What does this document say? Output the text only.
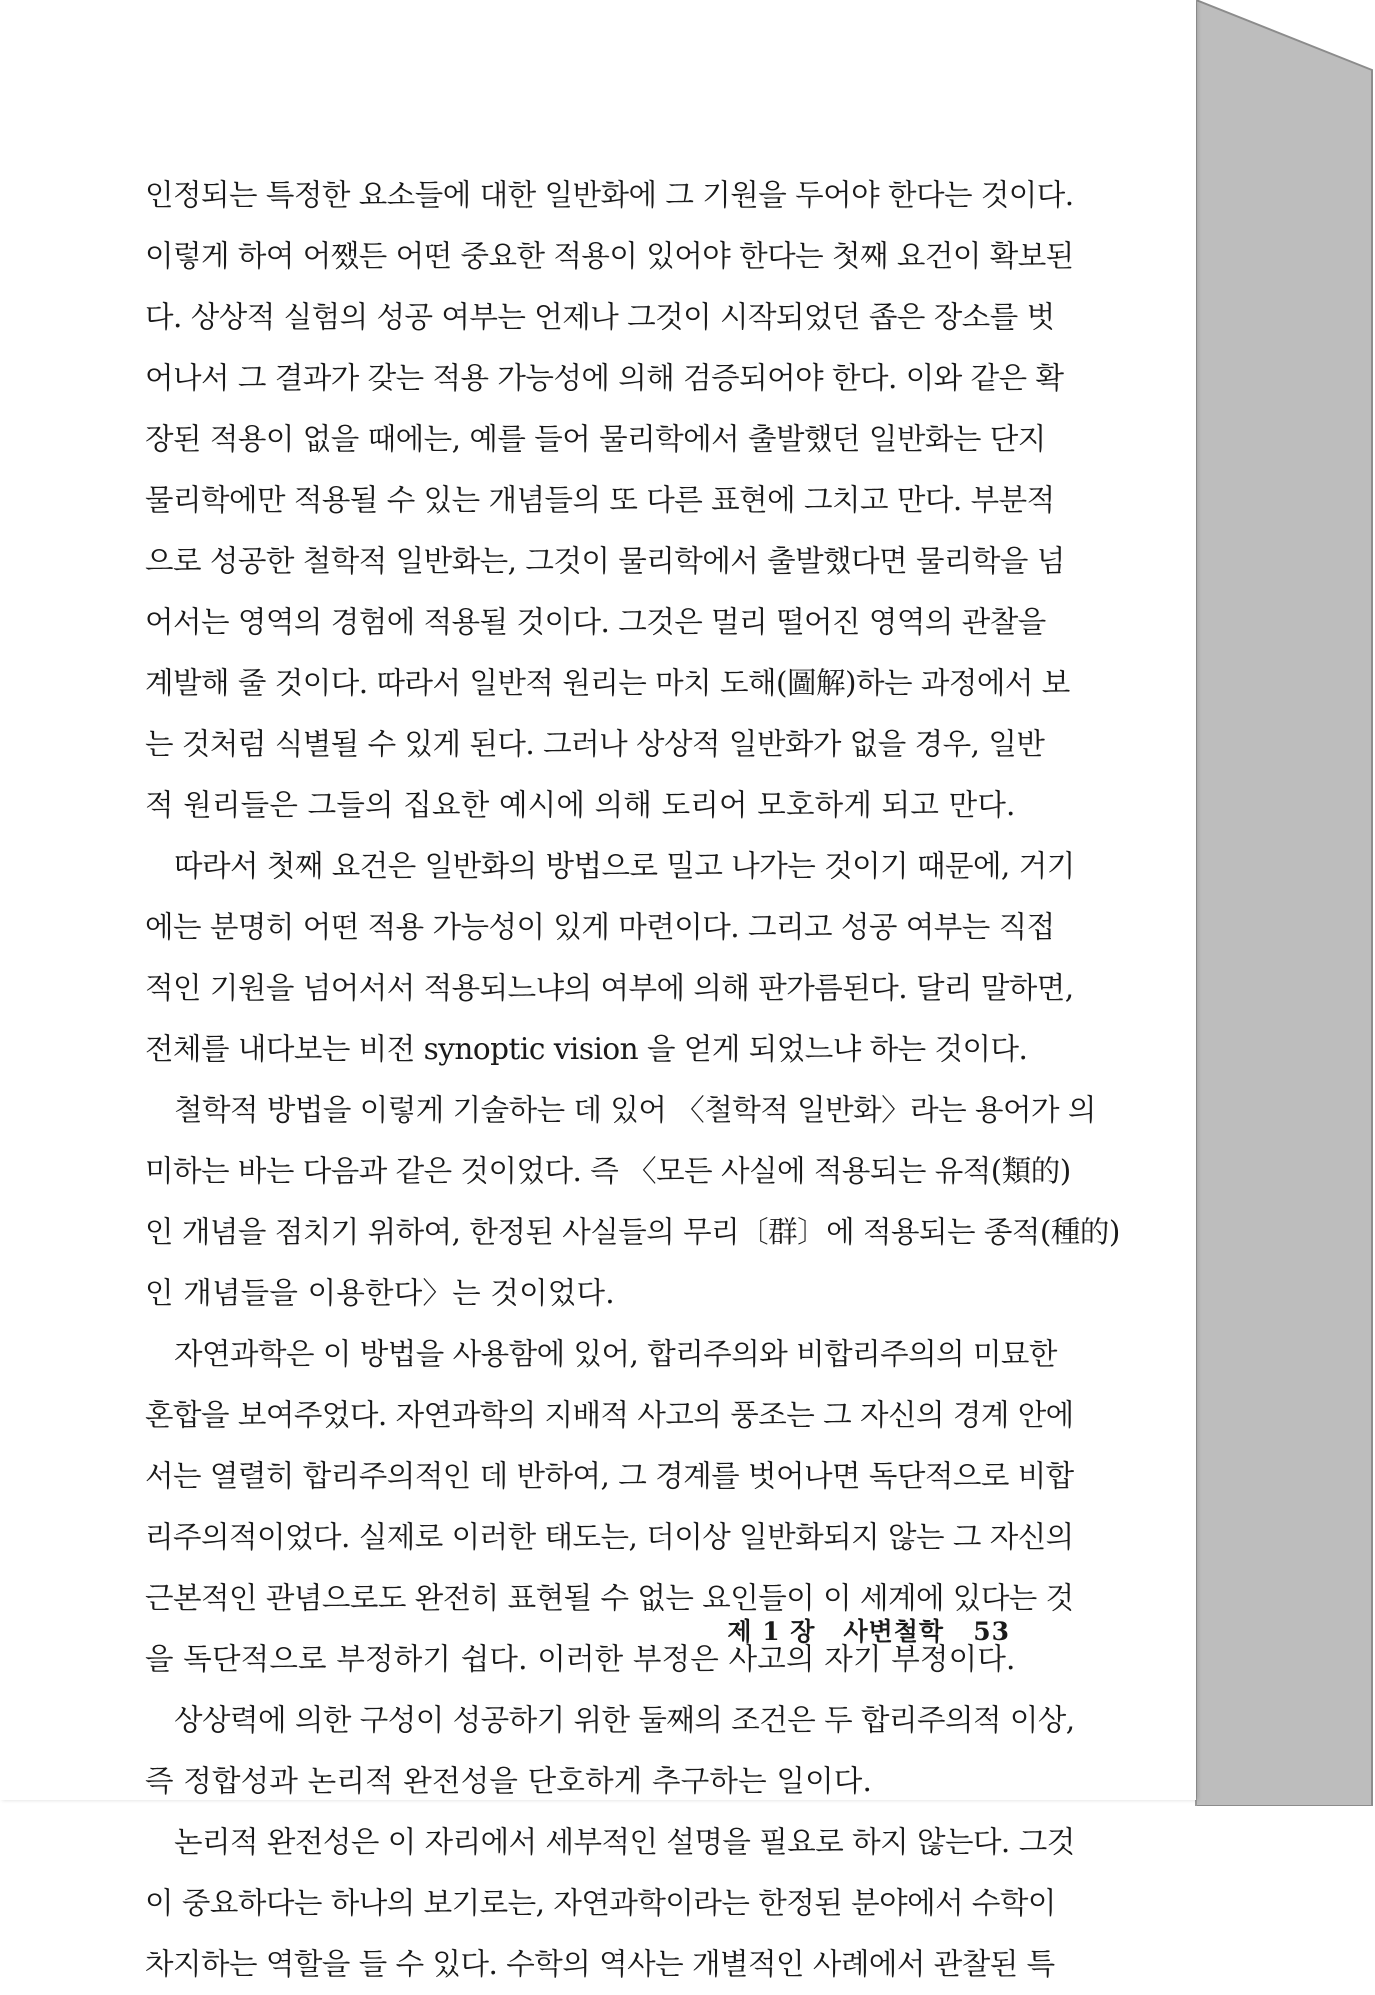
인정되는 특정한 요소들에 대한 일반화에 그 기원을 두어야 한다는 것이다.
이렇게 하여 어쨌든 어떤 중요한 적용이 있어야 한다는 첫째 요건이 확보된
다. 상상적 실험의 성공 여부는 언제나 그것이 시작되었던 좁은 장소를 벗
어나서 그 결과가 갖는 적용 가능성에 의해 검증되어야 한다. 이와 같은 확
장된 적용이 없을 때에는, 예를 들어 물리학에서 출발했던 일반화는 단지
물리학에만 적용될 수 있는 개념들의 또 다른 표현에 그치고 만다. 부분적
으로 성공한 철학적 일반화는, 그것이 물리학에서 출발했다면 물리학을 넘
어서는 영역의 경험에 적용될 것이다. 그것은 멀리 떨어진 영역의 관찰을
계발해 줄 것이다. 따라서 일반적 원리는 마치 도해(圖解)하는 과정에서 보
는 것처럼 식별될 수 있게 된다. 그러나 상상적 일반화가 없을 경우, 일반
적 원리들은 그들의 집요한 예시에 의해 도리어 모호하게 되고 만다.

따라서 첫째 요건은 일반화의 방법으로 밀고 나가는 것이기 때문에, 거기
에는 분명히 어떤 적용 가능성이 있게 마련이다. 그리고 성공 여부는 직접
적인 기원을 넘어서서 적용되느냐의 여부에 의해 판가름된다. 달리 말하면,
전체를 내다보는 비전 synoptic vision 을 얻게 되었느냐 하는 것이다.

철학적 방법을 이렇게 기술하는 데 있어 〈철학적 일반화〉라는 용어가 의
미하는 바는 다음과 같은 것이었다. 즉 〈모든 사실에 적용되는 유적(類的)
인 개념을 점치기 위하여, 한정된 사실들의 무리〔群〕에 적용되는 종적(種的)
인 개념들을 이용한다〉는 것이었다.

자연과학은 이 방법을 사용함에 있어, 합리주의와 비합리주의의 미묘한
혼합을 보여주었다. 자연과학의 지배적 사고의 풍조는 그 자신의 경계 안에
서는 열렬히 합리주의적인 데 반하여, 그 경계를 벗어나면 독단적으로 비합
리주의적이었다. 실제로 이러한 태도는, 더이상 일반화되지 않는 그 자신의
근본적인 관념으로도 완전히 표현될 수 없는 요인들이 이 세계에 있다는 것
을 독단적으로 부정하기 쉽다. 이러한 부정은 사고의 자기 부정이다.

상상력에 의한 구성이 성공하기 위한 둘째의 조건은 두 합리주의적 이상,
즉 정합성과 논리적 완전성을 단호하게 추구하는 일이다.

논리적 완전성은 이 자리에서 세부적인 설명을 필요로 하지 않는다. 그것
이 중요하다는 하나의 보기로는, 자연과학이라는 한정된 분야에서 수학이
차지하는 역할을 들 수 있다. 수학의 역사는 개별적인 사례에서 관찰된 특

제 1 장 사변철학 53
